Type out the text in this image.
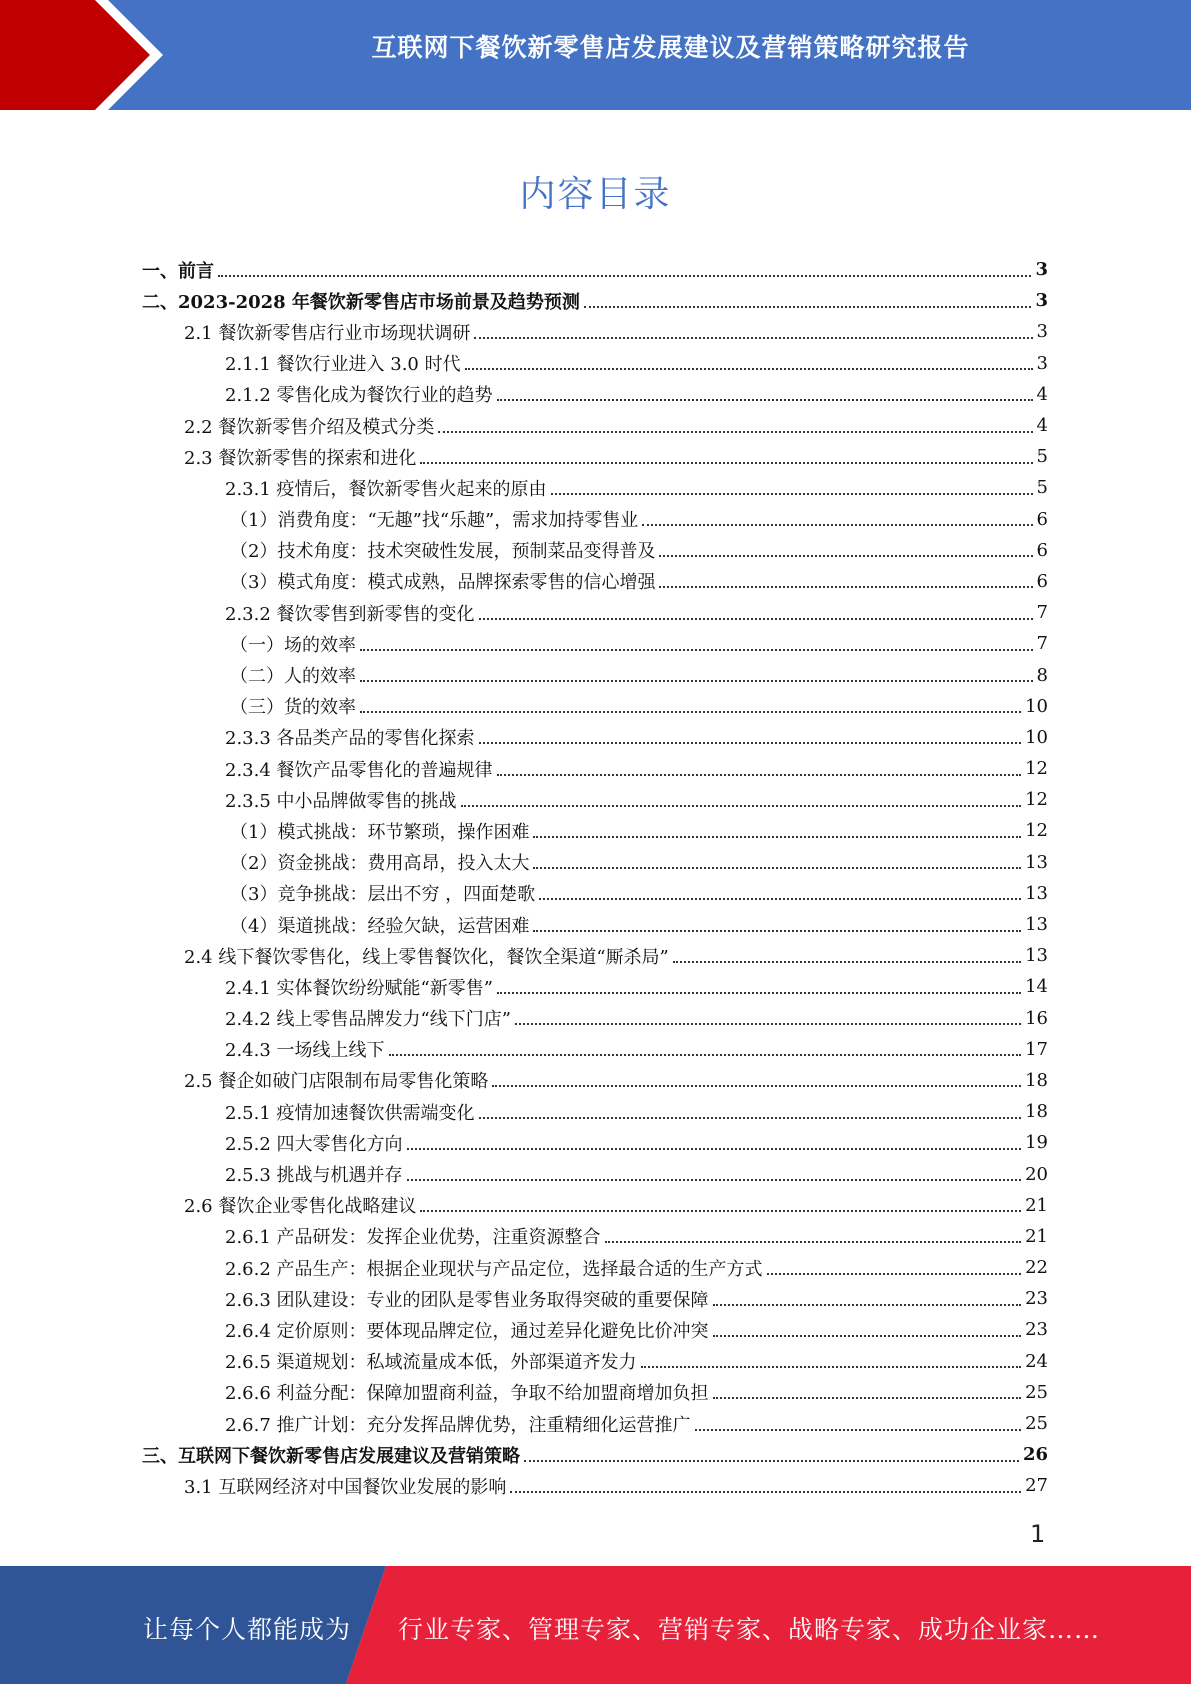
互联网下餐饮新零售店发展建议及营销策略研究报告
内容目录
一、前言	3
二、2023-2028 年餐饮新零售店市场前景及趋势预测	3
2.1 餐饮新零售店行业市场现状调研	3
2.1.1 餐饮行业进入 3.0 时代	3
2.1.2 零售化成为餐饮行业的趋势	4
2.2 餐饮新零售介绍及模式分类	4
2.3 餐饮新零售的探索和进化	5
2.3.1 疫情后，餐饮新零售火起来的原由	5
（1）消费角度：“无趣”找“乐趣”，需求加持零售业	6
（2）技术角度：技术突破性发展，预制菜品变得普及	6
（3）模式角度：模式成熟，品牌探索零售的信心增强	6
2.3.2 餐饮零售到新零售的变化	7
（一）场的效率	7
（二）人的效率	8
（三）货的效率	10
2.3.3 各品类产品的零售化探索	10
2.3.4 餐饮产品零售化的普遍规律	12
2.3.5 中小品牌做零售的挑战	12
（1）模式挑战：环节繁琐，操作困难	12
（2）资金挑战：费用高昂，投入太大	13
（3）竞争挑战：层出不穷 ，四面楚歌	13
（4）渠道挑战：经验欠缺，运营困难	13
2.4 线下餐饮零售化，线上零售餐饮化，餐饮全渠道“厮杀局”	13
2.4.1 实体餐饮纷纷赋能“新零售”	14
2.4.2 线上零售品牌发力“线下门店”	16
2.4.3 一场线上线下	17
2.5 餐企如破门店限制布局零售化策略	18
2.5.1 疫情加速餐饮供需端变化	18
2.5.2 四大零售化方向	19
2.5.3 挑战与机遇并存	20
2.6 餐饮企业零售化战略建议	21
2.6.1 产品研发：发挥企业优势，注重资源整合	21
2.6.2 产品生产：根据企业现状与产品定位，选择最合适的生产方式	22
2.6.3 团队建设：专业的团队是零售业务取得突破的重要保障	23
2.6.4 定价原则：要体现品牌定位，通过差异化避免比价冲突	23
2.6.5 渠道规划：私域流量成本低，外部渠道齐发力	24
2.6.6 利益分配：保障加盟商利益，争取不给加盟商增加负担	25
2.6.7 推广计划：充分发挥品牌优势，注重精细化运营推广	25
三、互联网下餐饮新零售店发展建议及营销策略	26
3.1 互联网经济对中国餐饮业发展的影响	27
1
让每个人都能成为 行业专家、管理专家、营销专家、战略专家、成功企业家……
